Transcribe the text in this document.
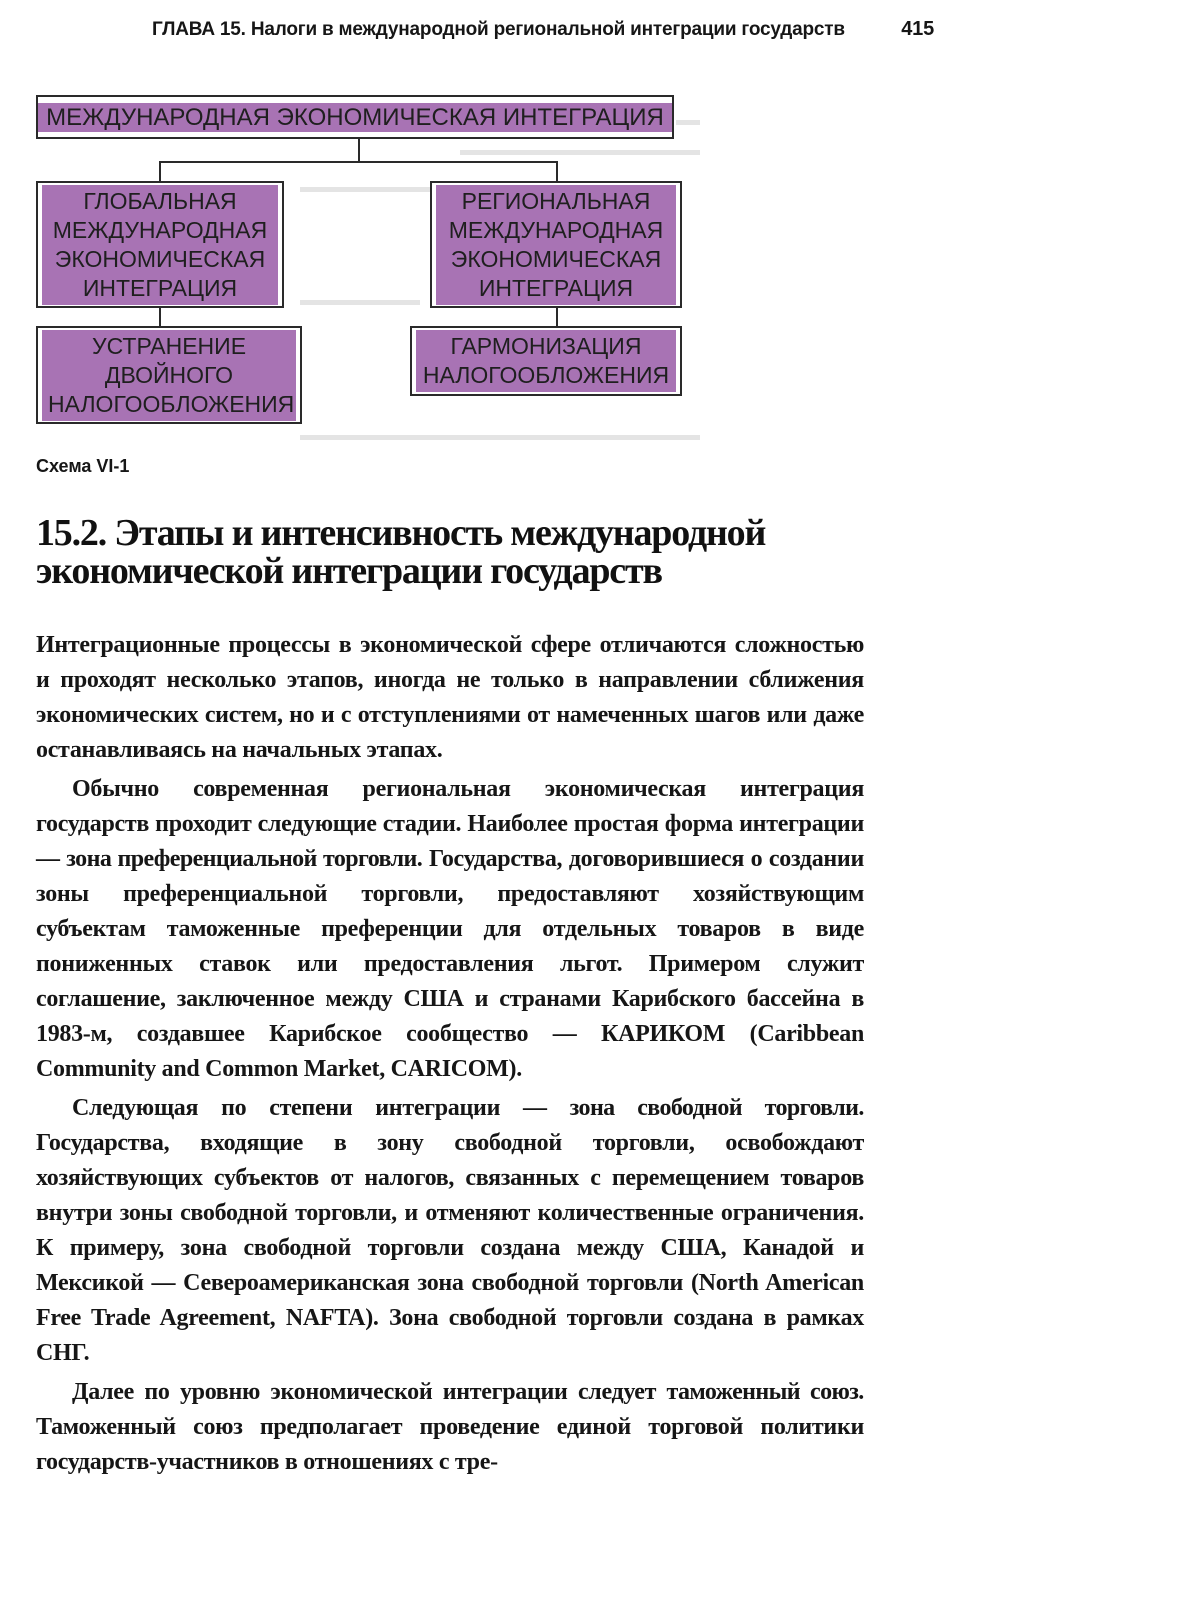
ГЛАВА 15. Налоги в международной региональной интеграции государств	415
МЕЖДУНАРОДНАЯ ЭКОНОМИЧЕСКАЯ ИНТЕГРАЦИЯ
ГЛОБАЛЬНАЯ
МЕЖДУНАРОДНАЯ
ЭКОНОМИЧЕСКАЯ
ИНТЕГРАЦИЯ
РЕГИОНАЛЬНАЯ
МЕЖДУНАРОДНАЯ
ЭКОНОМИЧЕСКАЯ
ИНТЕГРАЦИЯ
УСТРАНЕНИЕ
ДВОЙНОГО
НАЛОГООБЛОЖЕНИЯ
ГАРМОНИЗАЦИЯ
НАЛОГООБЛОЖЕНИЯ
Схема VI-1
15.2. Этапы и интенсивность международной
экономической интеграции государств

Интеграционные процессы в экономической сфере отличаются сложностью и проходят несколько этапов, иногда не только в направлении сближения экономических систем, но и с отступлениями от намеченных шагов или даже останавливаясь на начальных этапах.

Обычно современная региональная экономическая интеграция государств проходит следующие стадии. Наиболее простая форма интеграции — зона преференциальной торговли. Государства, договорившиеся о создании зоны преференциальной торговли, предоставляют хозяйствующим субъектам таможенные преференции для отдельных товаров в виде пониженных ставок или предоставления льгот. Примером служит соглашение, заключенное между США и странами Карибского бассейна в 1983-м, создавшее Карибское сообщество — КАРИКОМ (Caribbean Community and Common Market, CARICOM).

Следующая по степени интеграции — зона свободной торговли. Государства, входящие в зону свободной торговли, освобождают хозяйствующих субъектов от налогов, связанных с перемещением товаров внутри зоны свободной торговли, и отменяют количественные ограничения. К примеру, зона свободной торговли создана между США, Канадой и Мексикой — Североамериканская зона свободной торговли (North American Free Trade Agreement, NAFTA). Зона свободной торговли создана в рамках СНГ.

Далее по уровню экономической интеграции следует таможенный союз. Таможенный союз предполагает проведение единой торговой политики государств-участников в отношениях с тре-
